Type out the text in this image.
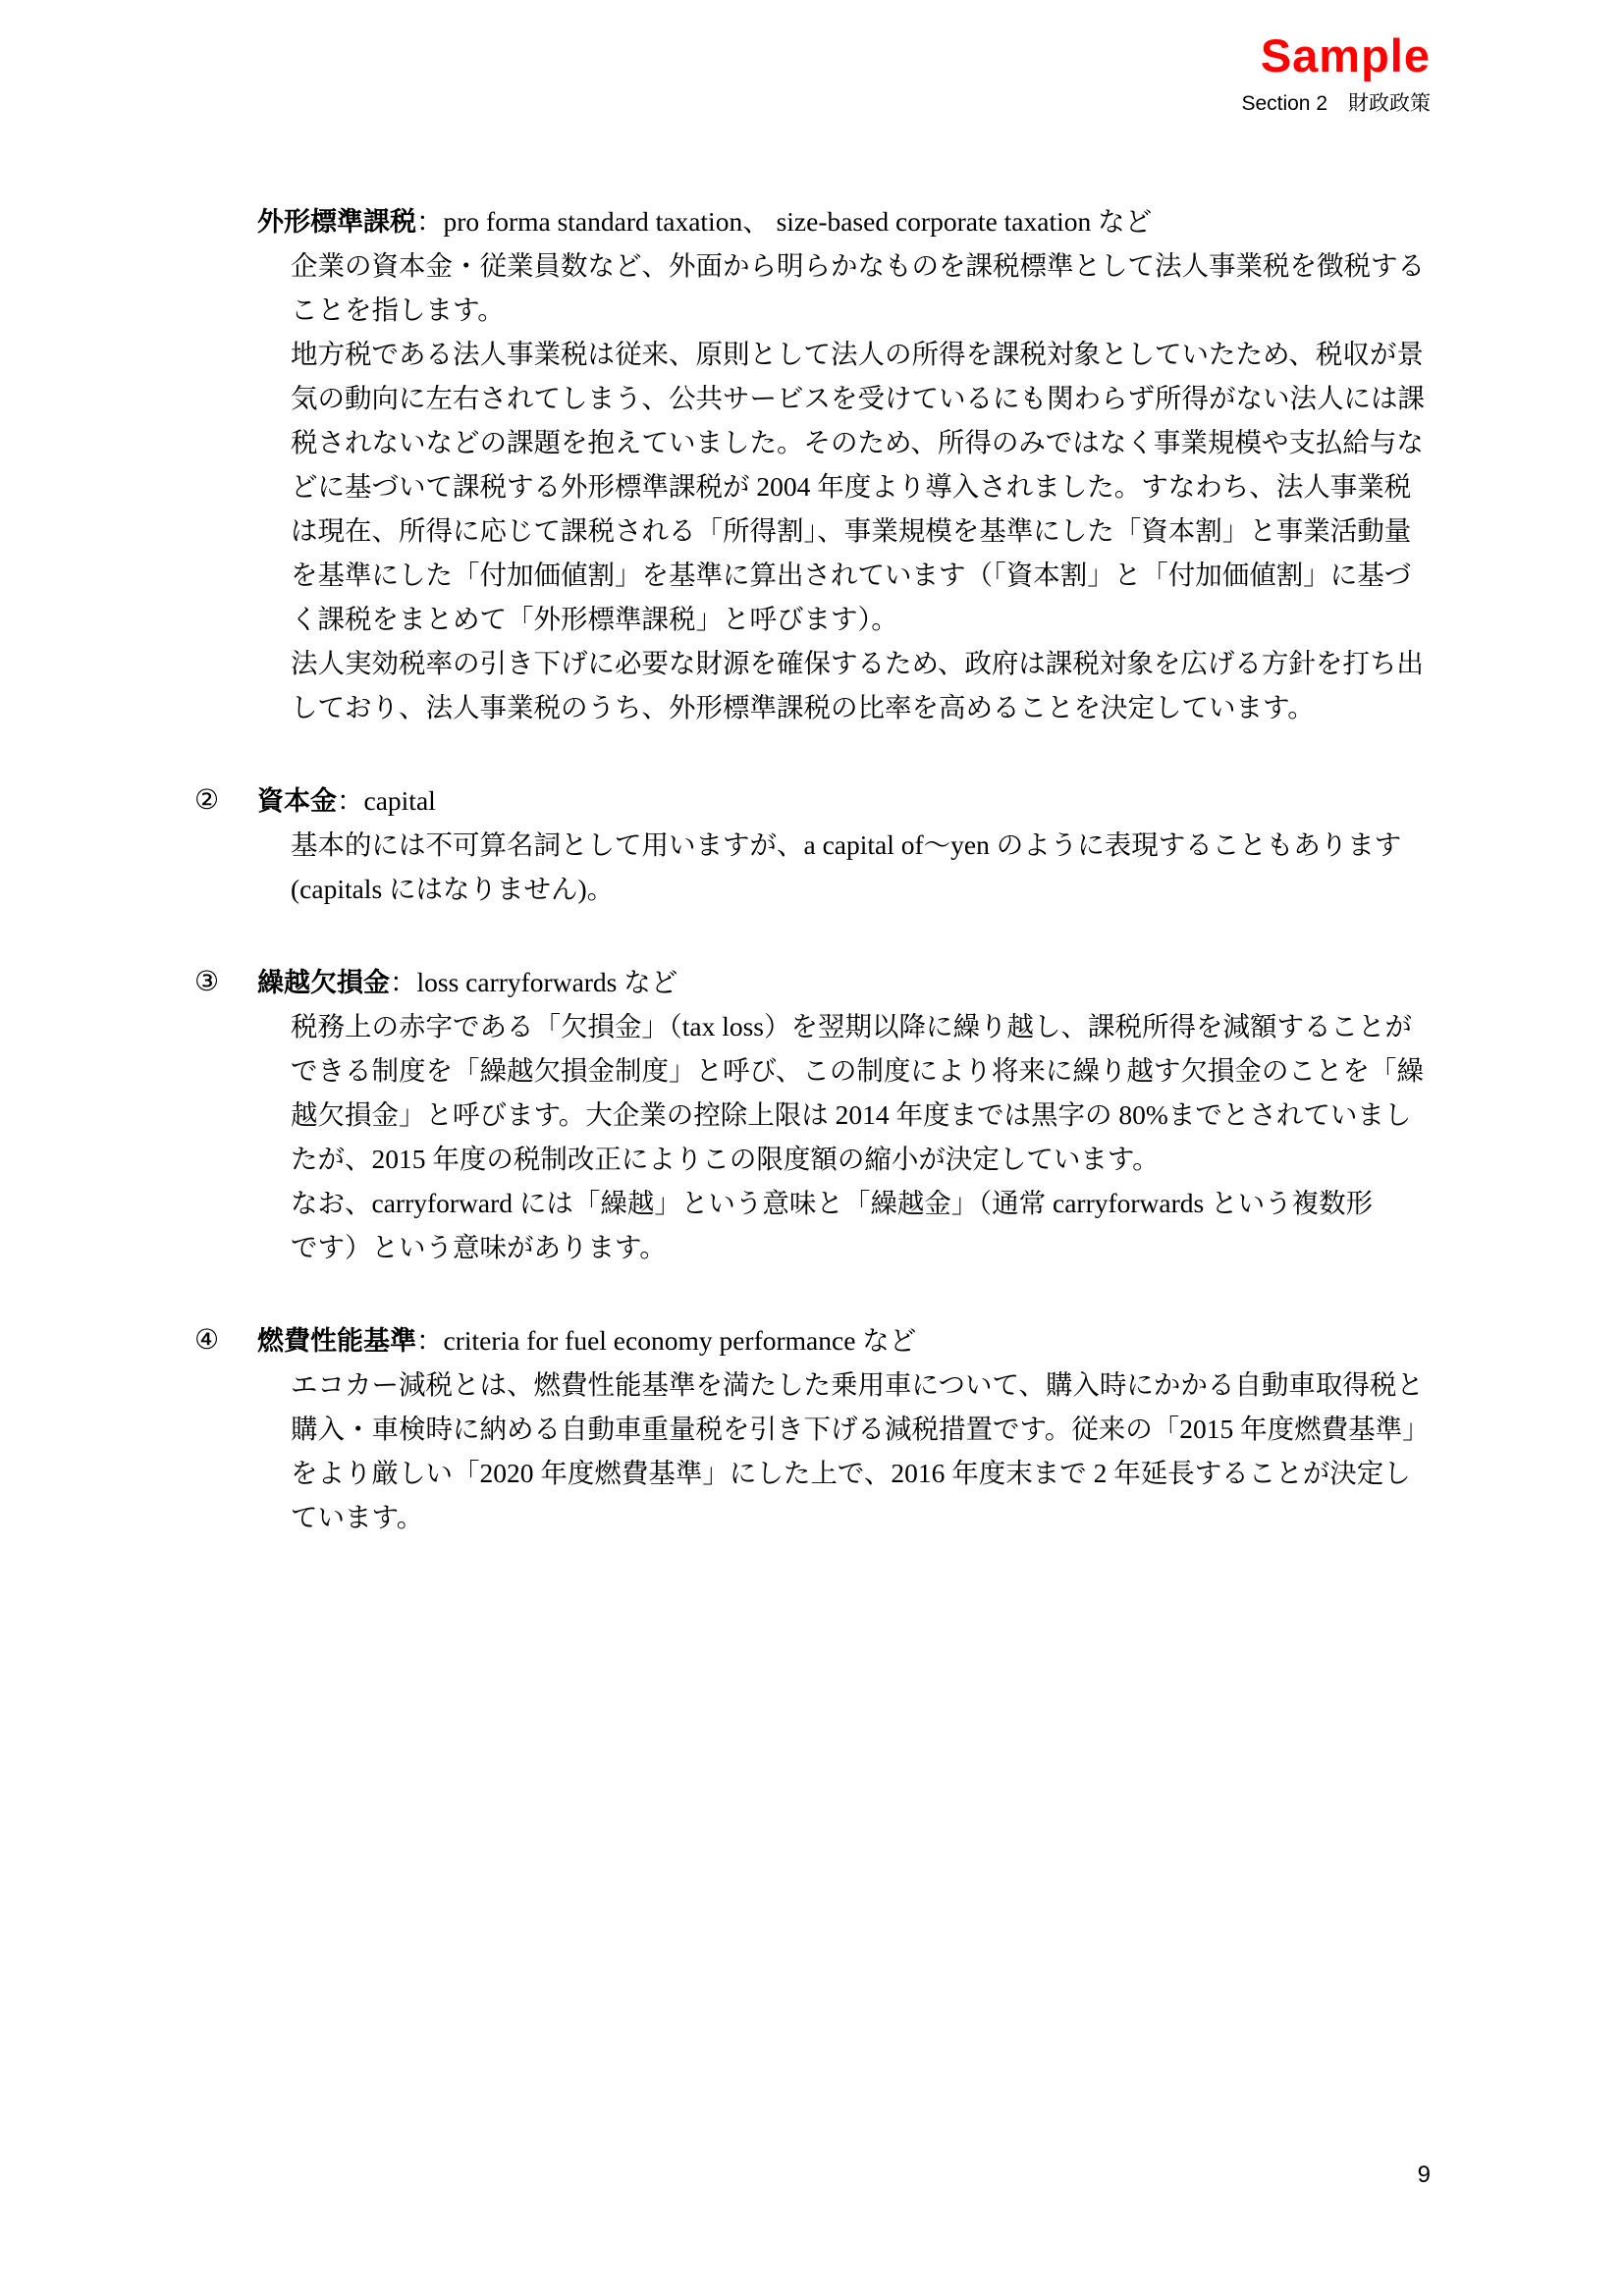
Sample
Section 2　財政政策
外形標準課税：pro forma standard taxation、 size-based corporate taxation など
企業の資本金・従業員数など、外面から明らかなものを課税標準として法人事業税を徴税する
ことを指します。
地方税である法人事業税は従来、原則として法人の所得を課税対象としていたため、税収が景
気の動向に左右されてしまう、公共サービスを受けているにも関わらず所得がない法人には課
税されないなどの課題を抱えていました。そのため、所得のみではなく事業規模や支払給与な
どに基づいて課税する外形標準課税が 2004 年度より導入されました。すなわち、法人事業税
は現在、所得に応じて課税される「所得割」、事業規模を基準にした「資本割」と事業活動量
を基準にした「付加価値割」を基準に算出されています（「資本割」と「付加価値割」に基づ
く課税をまとめて「外形標準課税」と呼びます）。
法人実効税率の引き下げに必要な財源を確保するため、政府は課税対象を広げる方針を打ち出
しており、法人事業税のうち、外形標準課税の比率を高めることを決定しています。
② 資本金：capital
基本的には不可算名詞として用いますが、a capital of～yen のように表現することもあります
(capitals にはなりません)。
③ 繰越欠損金：loss carryforwards など
税務上の赤字である「欠損金」（tax loss）を翌期以降に繰り越し、課税所得を減額することが
できる制度を「繰越欠損金制度」と呼び、この制度により将来に繰り越す欠損金のことを「繰
越欠損金」と呼びます。大企業の控除上限は 2014 年度までは黒字の 80%までとされていまし
たが、2015 年度の税制改正によりこの限度額の縮小が決定しています。
なお、carryforward には「繰越」という意味と「繰越金」（通常 carryforwards という複数形
です）という意味があります。
④ 燃費性能基準：criteria for fuel economy performance など
エコカー減税とは、燃費性能基準を満たした乗用車について、購入時にかかる自動車取得税と
購入・車検時に納める自動車重量税を引き下げる減税措置です。従来の「2015 年度燃費基準」
をより厳しい「2020 年度燃費基準」にした上で、2016 年度末まで 2 年延長することが決定し
ています。
9
